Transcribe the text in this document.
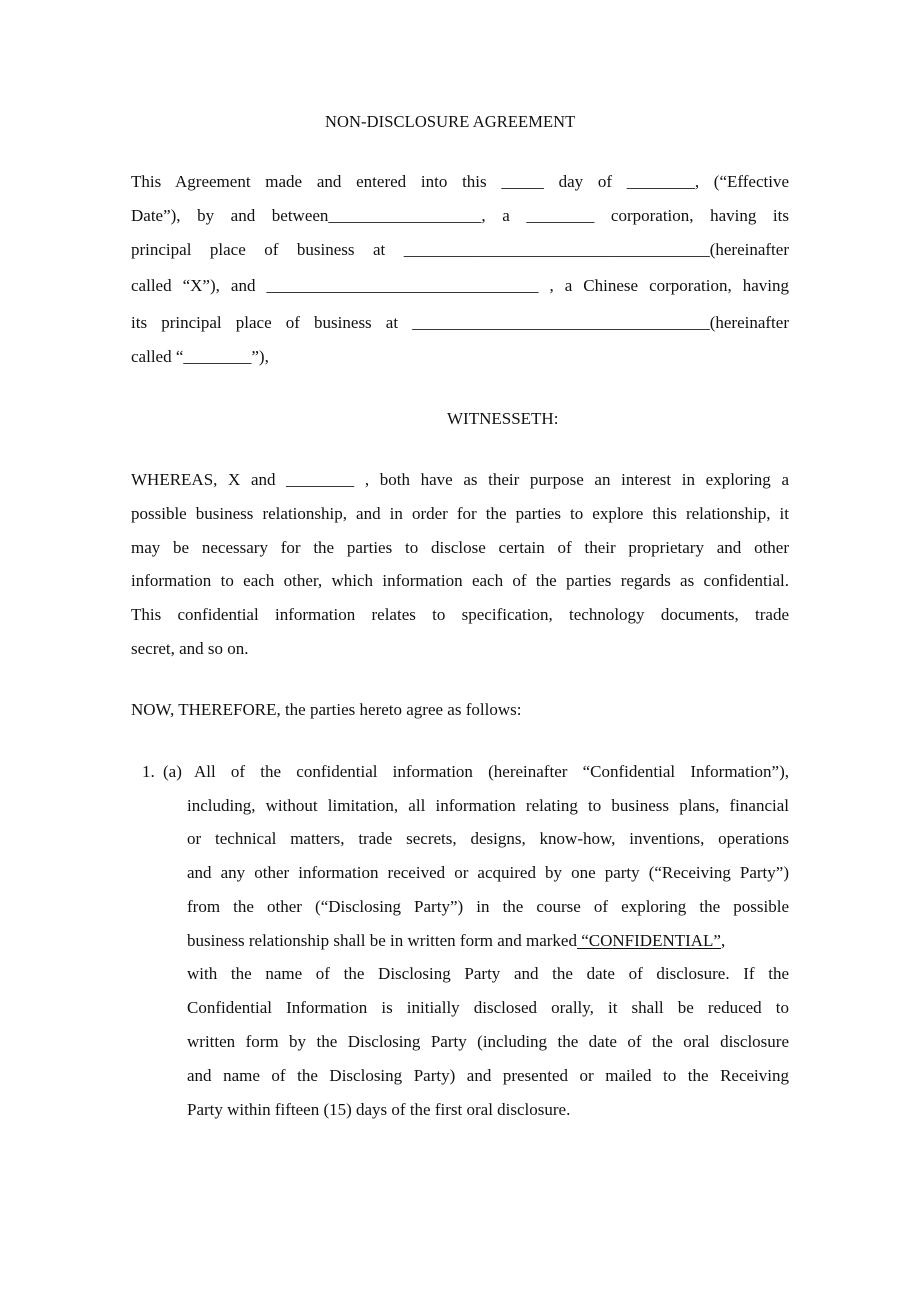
NON-DISCLOSURE AGREEMENT
This Agreement made and entered into this _____ day of ________, (“Effective
Date”), by and between__________________, a ________ corporation, having its
principal place of business at ____________________________________(hereinafter
called “X”), and ________________________________ , a Chinese corporation, having
its principal place of business at ___________________________________(hereinafter
called “________”),
WITNESSETH:
WHEREAS, X and ________ , both have as their purpose an interest in exploring a
possible business relationship, and in order for the parties to explore this relationship, it
may be necessary for the parties to disclose certain of their proprietary and other
information to each other, which information each of the parties regards as confidential.
This confidential information relates to specification, technology documents, trade
secret, and so on.
NOW, THEREFORE, the parties hereto agree as follows:
1. (a) All of the confidential information (hereinafter “Confidential Information”),
including, without limitation, all information relating to business plans, financial
or technical matters, trade secrets, designs, know-how, inventions, operations
and any other information received or acquired by one party (“Receiving Party”)
from the other (“Disclosing Party”) in the course of exploring the possible
business relationship shall be in written form and marked “CONFIDENTIAL”,
with the name of the Disclosing Party and the date of disclosure. If the
Confidential Information is initially disclosed orally, it shall be reduced to
written form by the Disclosing Party (including the date of the oral disclosure
and name of the Disclosing Party) and presented or mailed to the Receiving
Party within fifteen (15) days of the first oral disclosure.
